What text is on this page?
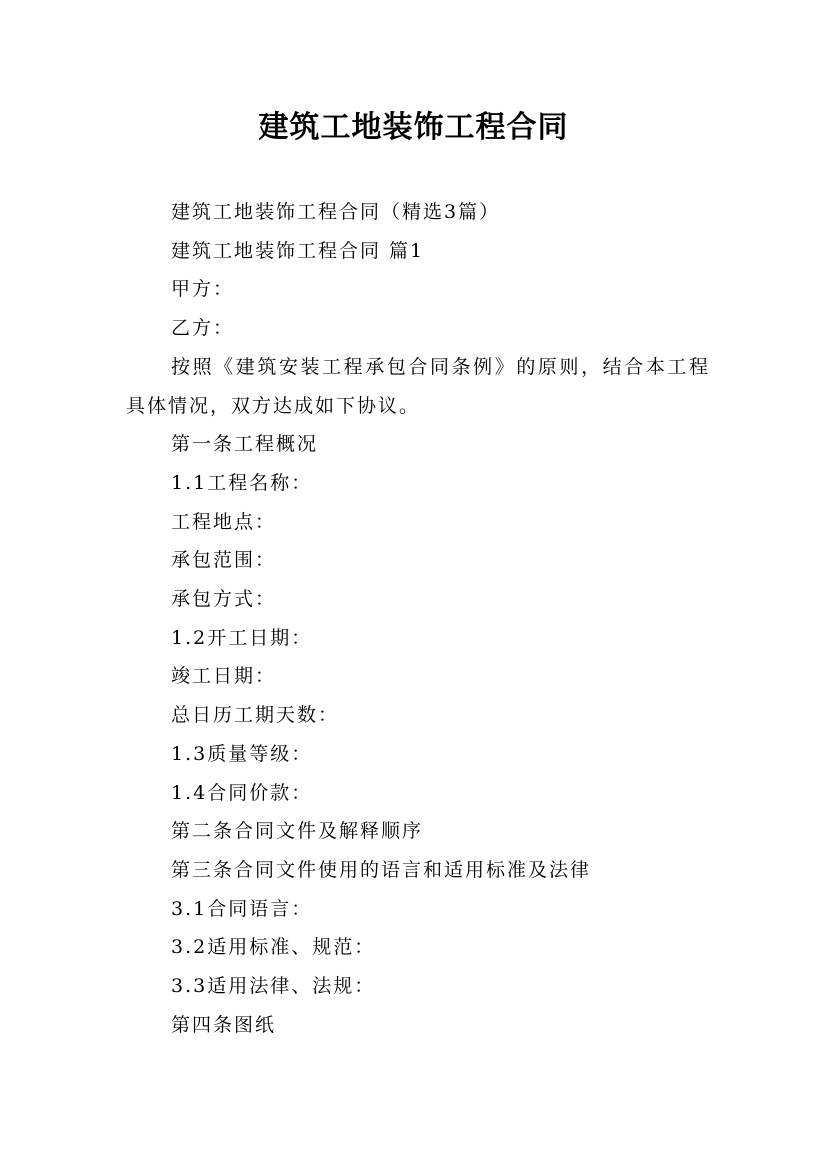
建筑工地装饰工程合同

建筑工地装饰工程合同（精选3篇）

建筑工地装饰工程合同 篇1

甲方：

乙方：

按照《建筑安装工程承包合同条例》的原则，结合本工程具体情况，双方达成如下协议。

第一条工程概况

1.1工程名称：

工程地点：

承包范围：

承包方式：

1.2开工日期：

竣工日期：

总日历工期天数：

1.3质量等级：

1.4合同价款：

第二条合同文件及解释顺序

第三条合同文件使用的语言和适用标准及法律

3.1合同语言：

3.2适用标准、规范：

3.3适用法律、法规：

第四条图纸
